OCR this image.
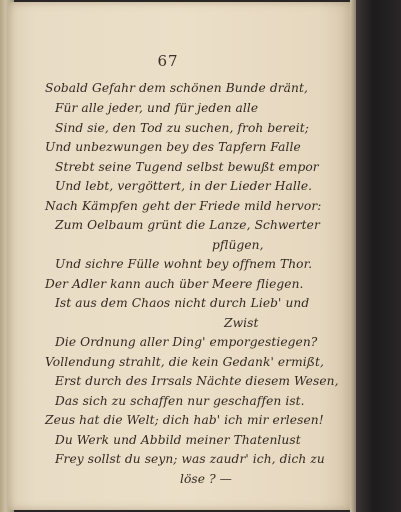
67
Sobald Gefahr dem schönen Bunde dränt,
Für alle jeder, und für jeden alle
Sind sie, den Tod zu suchen, froh bereit;
Und unbezwungen bey des Tapfern Falle
Strebt seine Tugend selbst bewußt empor
Und lebt, vergöttert, in der Lieder Halle.
Nach Kämpfen geht der Friede mild hervor:
Zum Oelbaum grünt die Lanze, Schwerter
pflügen,
Und sichre Fülle wohnt bey offnem Thor.
Der Adler kann auch über Meere fliegen.
Ist aus dem Chaos nicht durch Lieb' und
Zwist
Die Ordnung aller Ding' emporgestiegen?
Vollendung strahlt, die kein Gedank' ermißt,
Erst durch des Irrsals Nächte diesem Wesen,
Das sich zu schaffen nur geschaffen ist.
Zeus hat die Welt; dich hab' ich mir erlesen!
Du Werk und Abbild meiner Thatenlust
Frey sollst du seyn; was zaudr' ich, dich zu
löse ? —
